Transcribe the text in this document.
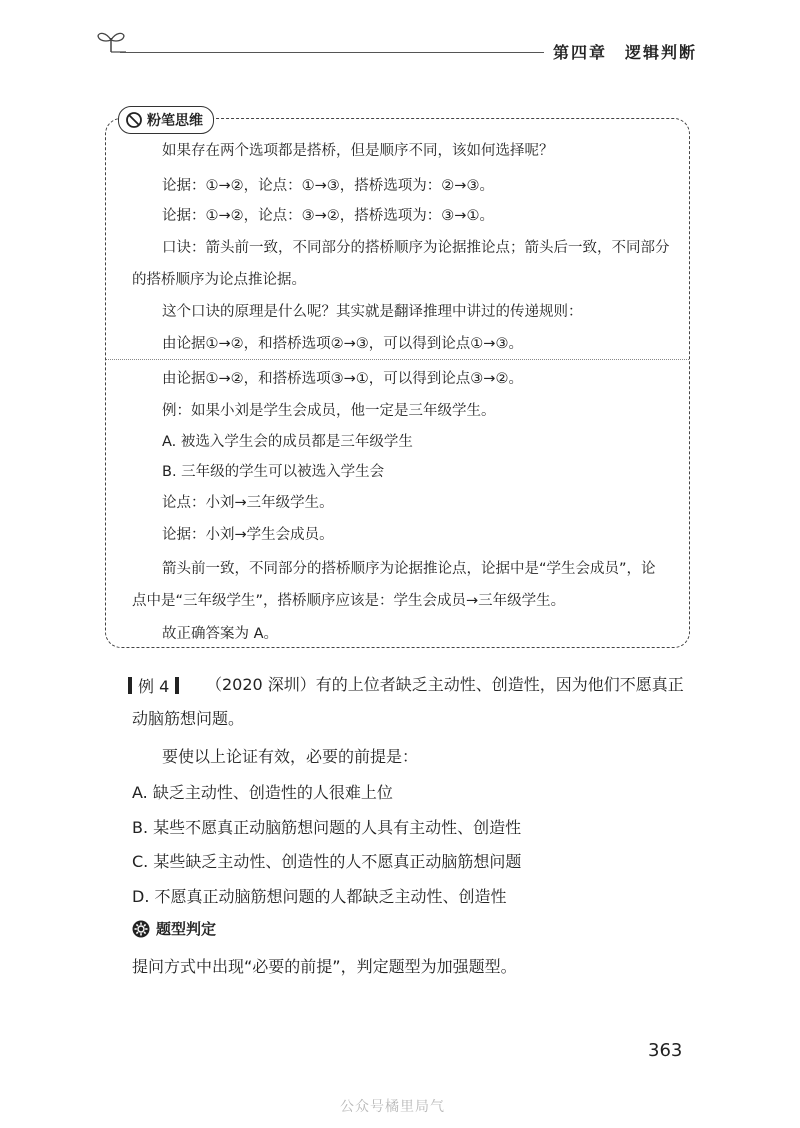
第四章 逻辑判断
粉笔思维
如果存在两个选项都是搭桥，但是顺序不同，该如何选择呢？
论据：①→②，论点：①→③，搭桥选项为：②→③。
论据：①→②，论点：③→②，搭桥选项为：③→①。
口诀：箭头前一致，不同部分的搭桥顺序为论据推论点；箭头后一致，不同部分
的搭桥顺序为论点推论据。
这个口诀的原理是什么呢？其实就是翻译推理中讲过的传递规则：
由论据①→②，和搭桥选项②→③，可以得到论点①→③。
由论据①→②，和搭桥选项③→①，可以得到论点③→②。
例：如果小刘是学生会成员，他一定是三年级学生。
A. 被选入学生会的成员都是三年级学生
B. 三年级的学生可以被选入学生会
论点：小刘→三年级学生。
论据：小刘→学生会成员。
箭头前一致，不同部分的搭桥顺序为论据推论点，论据中是“学生会成员”，论
点中是“三年级学生”，搭桥顺序应该是：学生会成员→三年级学生。
故正确答案为 A。
例 4 （2020 深圳）有的上位者缺乏主动性、创造性，因为他们不愿真正
动脑筋想问题。
要使以上论证有效，必要的前提是：
A. 缺乏主动性、创造性的人很难上位
B. 某些不愿真正动脑筋想问题的人具有主动性、创造性
C. 某些缺乏主动性、创造性的人不愿真正动脑筋想问题
D. 不愿真正动脑筋想问题的人都缺乏主动性、创造性
题型判定
提问方式中出现“必要的前提”，判定题型为加强题型。
363
公众号橘里局气
